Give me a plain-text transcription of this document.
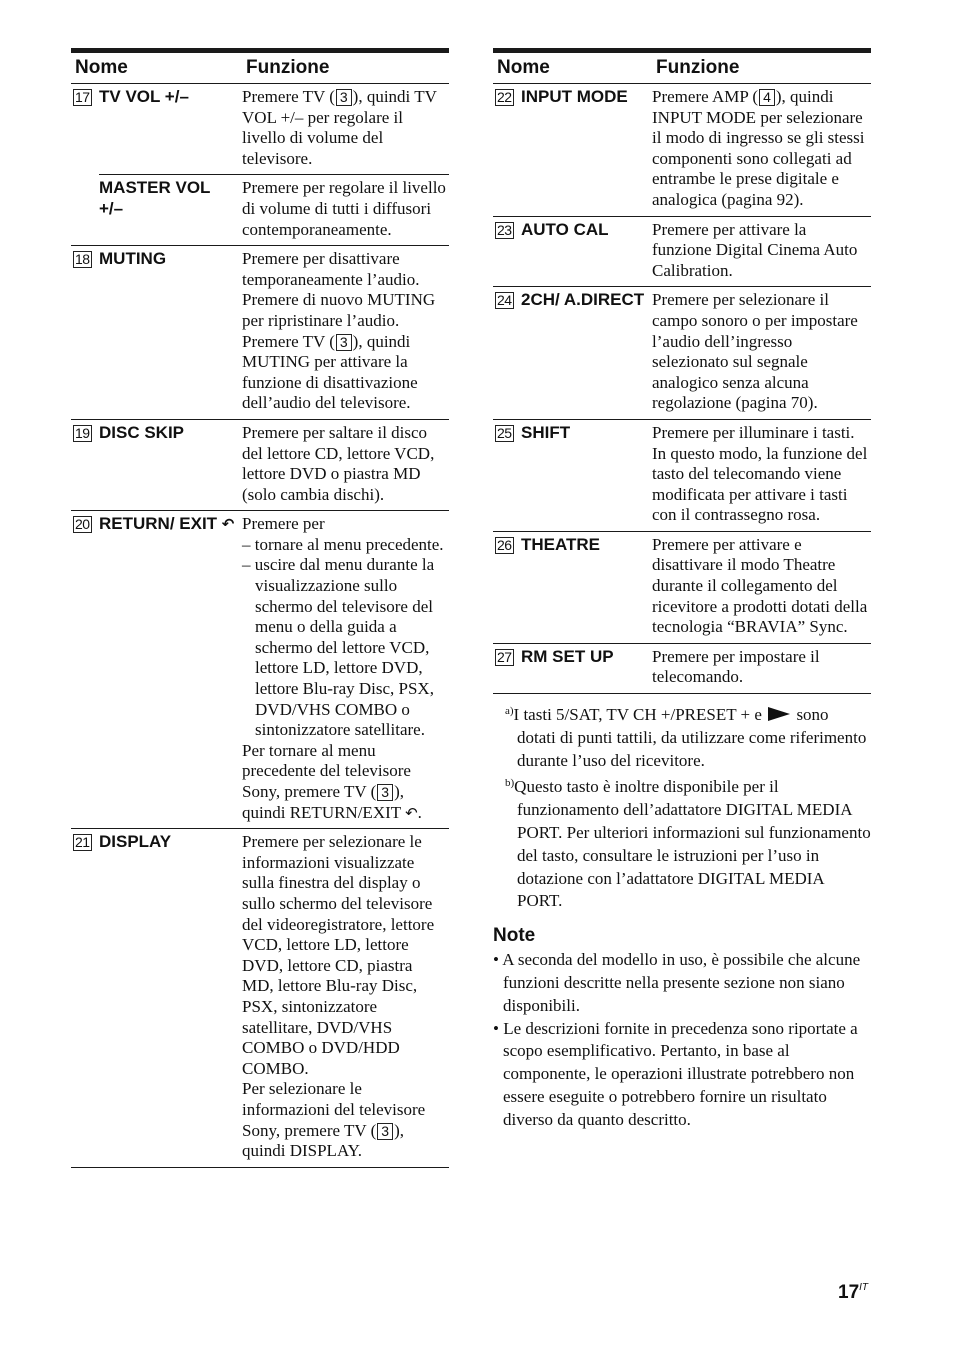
Nome		Funzione
17	TV VOL +/–	Premere TV ( 3 ), quindi TV VOL +/– per regolare il livello di volume del televisore.
	MASTER VOL +/–	Premere per regolare il livello di volume di tutti i diffusori contemporaneamente.
18	MUTING	Premere per disattivare temporaneamente l’audio. Premere di nuovo MUTING per ripristinare l’audio. Premere TV ( 3 ), quindi MUTING per attivare la funzione di disattivazione dell’audio del televisore.
19	DISC SKIP	Premere per saltare il disco del lettore CD, lettore VCD, lettore DVD o piastra MD (solo cambia dischi).
20	RETURN/ EXIT ↶	Premere per
– tornare al menu precedente.
– uscire dal menu durante la visualizzazione sullo schermo del televisore del menu o della guida a schermo del lettore VCD, lettore LD, lettore DVD, lettore Blu-ray Disc, PSX, DVD/VHS COMBO o sintonizzatore satellitare.
Per tornare al menu precedente del televisore Sony, premere TV ( 3 ), quindi RETURN/EXIT ↶.
21	DISPLAY	Premere per selezionare le informazioni visualizzate sulla finestra del display o sullo schermo del televisore del videoregistratore, lettore VCD, lettore LD, lettore DVD, lettore CD, piastra MD, lettore Blu-ray Disc, PSX, sintonizzatore satellitare, DVD/VHS COMBO o DVD/HDD COMBO.
Per selezionare le informazioni del televisore Sony, premere TV ( 3 ), quindi DISPLAY.
Nome		Funzione
22	INPUT MODE	Premere AMP ( 4 ), quindi INPUT MODE per selezionare il modo di ingresso se gli stessi componenti sono collegati ad entrambe le prese digitale e analogica (pagina 92).
23	AUTO CAL	Premere per attivare la funzione Digital Cinema Auto Calibration.
24	2CH/ A.DIRECT	Premere per selezionare il campo sonoro o per impostare l’audio dell’ingresso selezionato sul segnale analogico senza alcuna regolazione (pagina 70).
25	SHIFT	Premere per illuminare i tasti. In questo modo, la funzione del tasto del telecomando viene modificata per attivare i tasti con il contrassegno rosa.
26	THEATRE	Premere per attivare e disattivare il modo Theatre durante il collegamento del ricevitore a prodotti dotati della tecnologia “BRAVIA” Sync.
27	RM SET UP	Premere per impostare il telecomando.

$^{a)}$I tasti 5/SAT, TV CH +/PRESET + e sono dotati di punti tattili, da utilizzare come riferimento durante l’uso del ricevitore.

$^{b)}$Questo tasto è inoltre disponibile per il funzionamento dell’adattatore DIGITAL MEDIA PORT. Per ulteriori informazioni sul funzionamento del tasto, consultare le istruzioni per l’uso in dotazione con l’adattatore DIGITAL MEDIA PORT.

Note
• A seconda del modello in uso, è possibile che alcune funzioni descritte nella presente sezione non siano disponibili.
• Le descrizioni fornite in precedenza sono riportate a scopo esemplificativo. Pertanto, in base al componente, le operazioni illustrate potrebbero non essere eseguite o potrebbero fornire un risultato diverso da quanto descritto.
$17^{IT}$
